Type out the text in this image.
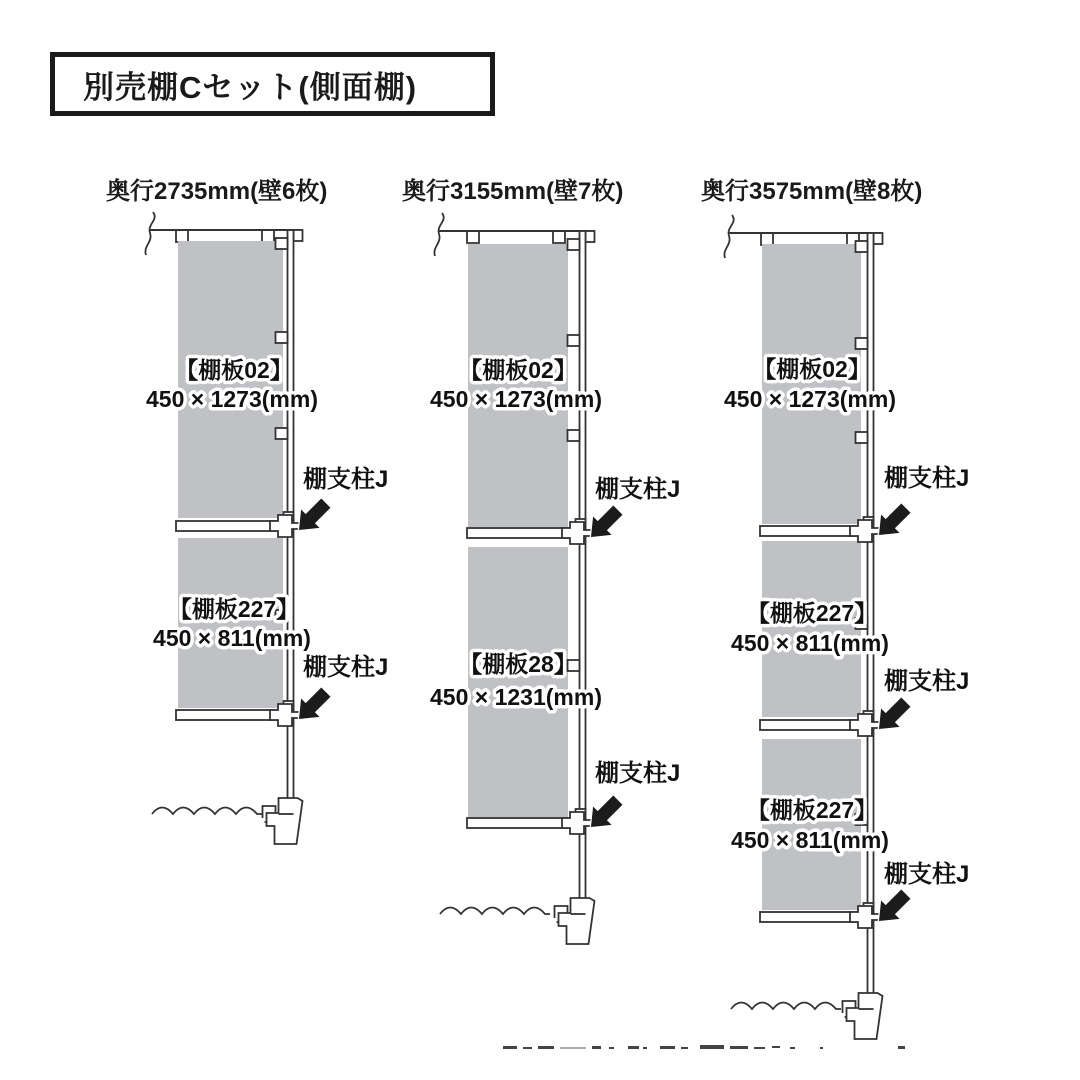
別売棚Cセット(側面棚)
奥行2735mm(壁6枚)
【棚板02】
450 × 1273(mm)
【棚板227】
450 × 811(mm)
棚支柱J
棚支柱J
奥行3155mm(壁7枚)
【棚板02】
450 × 1273(mm)
【棚板28】
450 × 1231(mm)
棚支柱J
棚支柱J
奥行3575mm(壁8枚)
【棚板02】
450 × 1273(mm)
【棚板227】
450 × 811(mm)
【棚板227】
450 × 811(mm)
棚支柱J
棚支柱J
棚支柱J
